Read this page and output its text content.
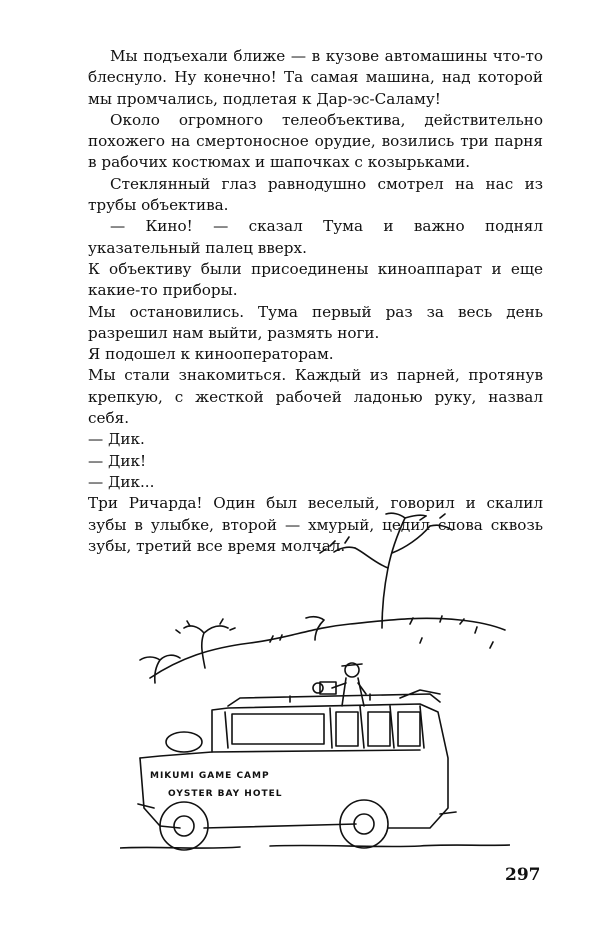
Мы подъехали ближе — в кузове автомашины что-то блеснуло. Ну конечно! Та самая машина, над которой мы промчались, подлетая к Дар-эс-Саламу!

Около огромного телеобъектива, действительно похожего на смертоносное орудие, возились три парня в рабочих костюмах и шапочках с козырьками.

Стеклянный глаз равнодушно смотрел на нас из трубы объектива.

— Кино! — сказал Тума и важно поднял указательный палец вверх.

К объективу были присоединены киноаппарат и еще какие-то приборы.

Мы остановились. Тума первый раз за весь день разрешил нам выйти, размять ноги.

Я подошел к кинооператорам.

Мы стали знакомиться. Каждый из парней, протянув крепкую, с жесткой рабочей ладонью руку, назвал себя.

— Дик.

— Дик!

— Дик...

Три Ричарда! Один был веселый, говорил и скалил зубы в улыбке, второй — хмурый, цедил слова сквозь зубы, третий все время молчал.

MIKUMI GAME CAMP
OYSTER BAY HOTEL
297
